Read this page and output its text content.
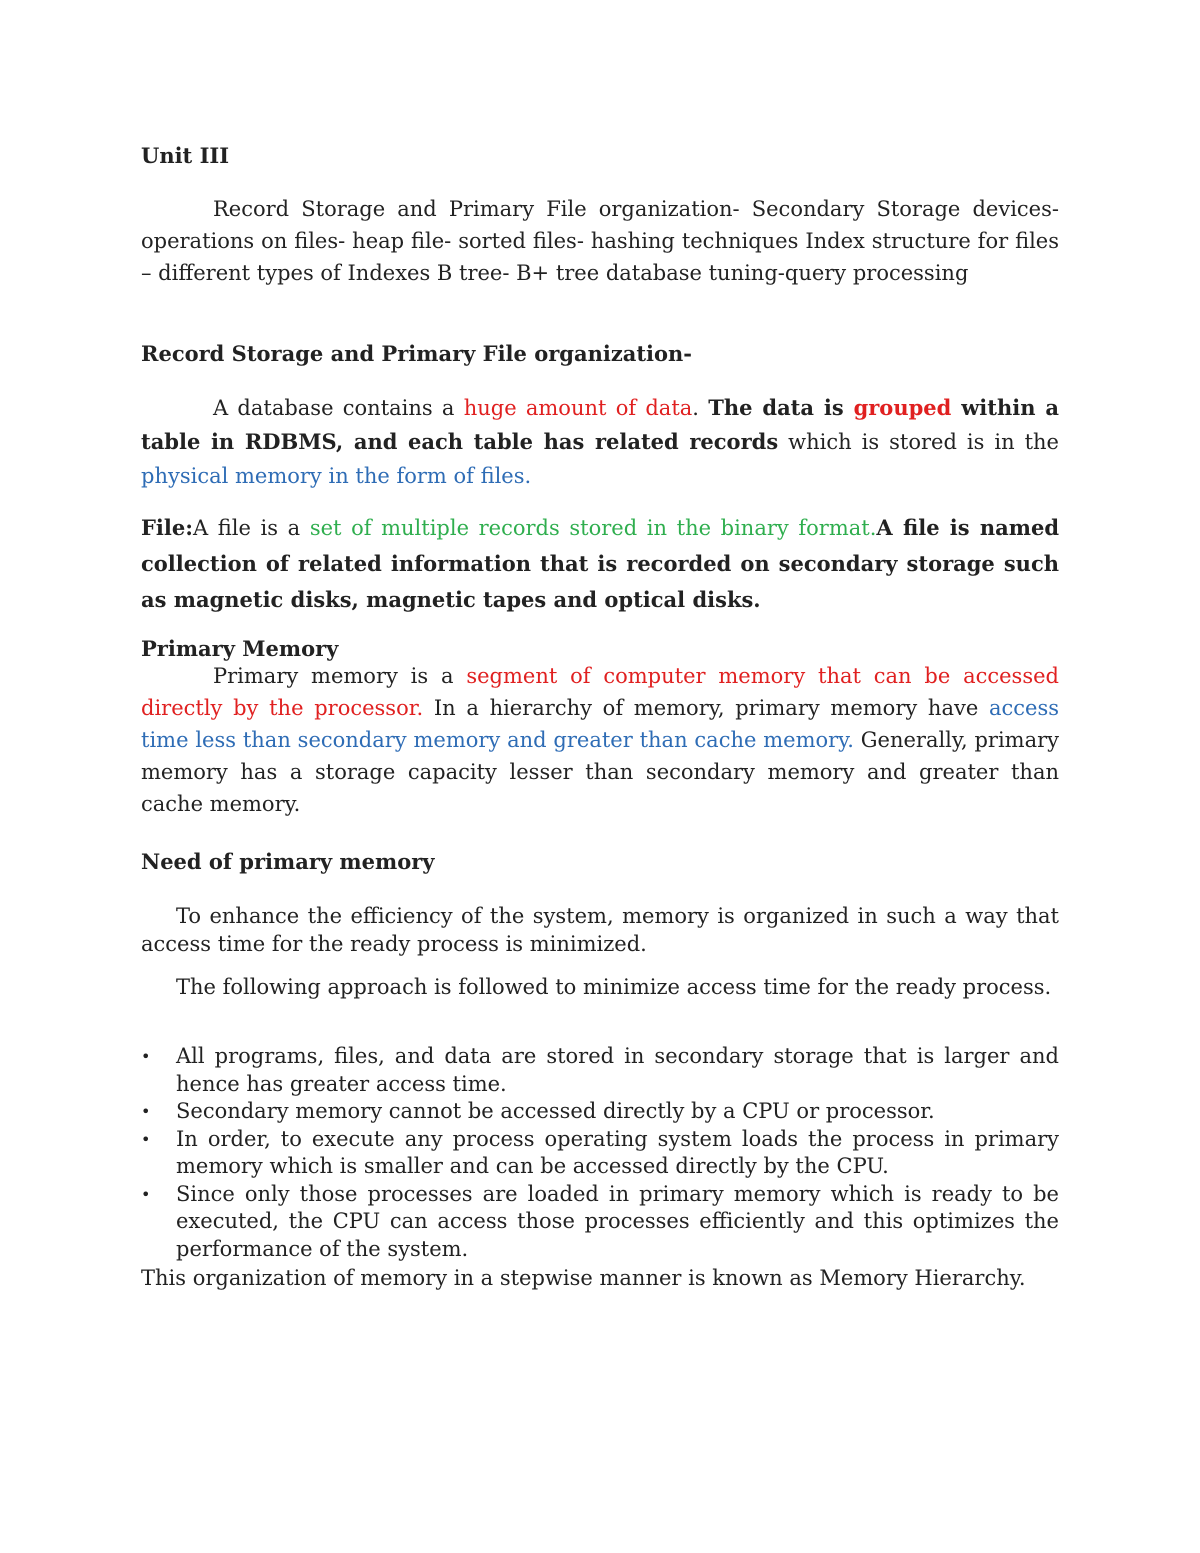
Unit III

Record Storage and Primary File organization- Secondary Storage devices-operations on files- heap file- sorted files- hashing techniques Index structure for files – different types of Indexes B tree- B+ tree database tuning-query processing

Record Storage and Primary File organization-

A database contains a huge amount of data. The data is grouped within a table in RDBMS, and each table has related records which is stored is in the physical memory in the form of files.

File:A file is a set of multiple records stored in the binary format.A file is named collection of related information that is recorded on secondary storage such as magnetic disks, magnetic tapes and optical disks.

Primary Memory

Primary memory is a segment of computer memory that can be accessed directly by the processor. In a hierarchy of memory, primary memory have access time less than secondary memory and greater than cache memory. Generally, primary memory has a storage capacity lesser than secondary memory and greater than cache memory.

Need of primary memory

To enhance the efficiency of the system, memory is organized in such a way that access time for the ready process is minimized.

The following approach is followed to minimize access time for the ready process.

• All programs, files, and data are stored in secondary storage that is larger and hence has greater access time.
• Secondary memory cannot be accessed directly by a CPU or processor.
• In order, to execute any process operating system loads the process in primary memory which is smaller and can be accessed directly by the CPU.
• Since only those processes are loaded in primary memory which is ready to be executed, the CPU can access those processes efficiently and this optimizes the performance of the system.

This organization of memory in a stepwise manner is known as Memory Hierarchy.
